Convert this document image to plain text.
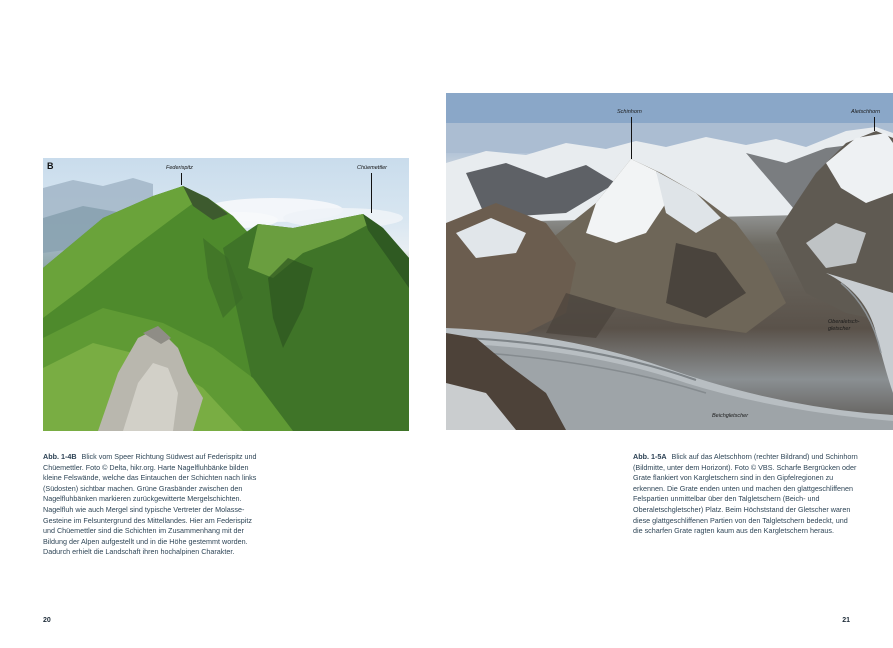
B	Federispitz	Chüemettler

Abb. 1-4B Blick vom Speer Richtung Südwest auf Federispitz und Chüemettler. Foto © Delta, hikr.org. Harte Nagelfluhbänke bilden kleine Felswände, welche das Eintauchen der Schichten nach links (Südosten) sichtbar machen. Grüne Grasbänder zwischen den Nagelfluhbänken markieren zurückgewitterte Mergelschichten. Nagelfluh wie auch Mergel sind typische Vertreter der Molasse-Gesteine im Felsuntergrund des Mittellandes. Hier am Federispitz und Chüemettler sind die Schichten im Zusammenhang mit der Bildung der Alpen aufgestellt und in die Höhe gestemmt worden. Dadurch erhielt die Landschaft ihren hochalpinen Charakter.

20
Schinhorn	Aletschhorn
Oberaletsch-gletscher
Beichgletscher

Abb. 1-5A Blick auf das Aletschhorn (rechter Bildrand) und Schinhorn (Bildmitte, unter dem Horizont). Foto © VBS. Scharfe Bergrücken oder Grate flankiert von Kargletschern sind in den Gipfelregionen zu erkennen. Die Grate enden unten und machen den glattgeschliffenen Felspartien unmittelbar über den Talgletschern (Beich- und Oberaletschgletscher) Platz. Beim Höchststand der Gletscher waren diese glattgeschliffenen Partien von den Talgletschern bedeckt, und die scharfen Grate ragten kaum aus den Kargletschern heraus.

21
